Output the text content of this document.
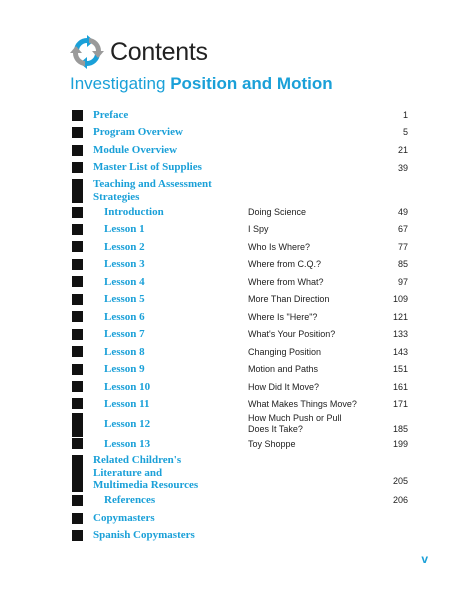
Contents
Investigating Position and Motion
Preface	1
Program Overview	5
Module Overview	21
Master List of Supplies	39
Teaching and Assessment
Strategies
Introduction	Doing Science	49
Lesson 1	I Spy	67
Lesson 2	Who Is Where?	77
Lesson 3	Where from C.Q.?	85
Lesson 4	Where from What?	97
Lesson 5	More Than Direction	109
Lesson 6	Where Is "Here"?	121
Lesson 7	What's Your Position?	133
Lesson 8	Changing Position	143
Lesson 9	Motion and Paths	151
Lesson 10	How Did It Move?	161
Lesson 11	What Makes Things Move?	171
Lesson 12	How Much Push or Pull
Does It Take?	185
Lesson 13	Toy Shoppe	199
Related Children's
Literature and
Multimedia Resources	205
References	206
Copymasters
Spanish Copymasters
v
